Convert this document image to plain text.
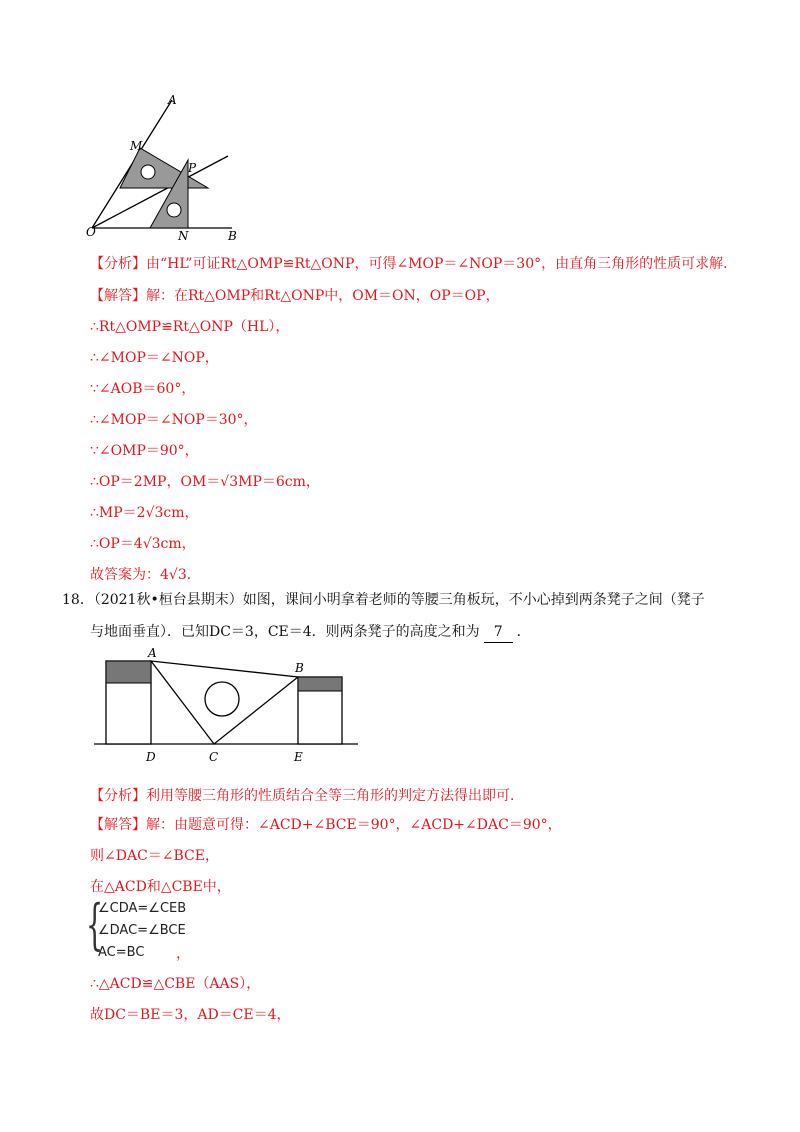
A
M
P
O	N	B
【分析】由“HL”可证Rt△OMP≌Rt△ONP，可得∠MOP＝∠NOP＝30°，由直角三角形的性质可求解．
【解答】解：在Rt△OMP和Rt△ONP中，OM＝ON，OP＝OP，
∴Rt△OMP≌Rt△ONP（HL），
∴∠MOP＝∠NOP，
∵∠AOB＝60°，
∴∠MOP＝∠NOP＝30°，
∵∠OMP＝90°，
∴OP＝2MP，OM＝√3MP＝6cm，
∴MP＝2√3cm，
∴OP＝4√3cm，
故答案为：4√3．
18．（2021秋•桓台县期末）如图，课间小明拿着老师的等腰三角板玩，不小心掉到两条凳子之间（凳子
与地面垂直）．已知DC＝3，CE＝4．则两条凳子的高度之和为 7 ．
A
B
D	C	E
【分析】利用等腰三角形的性质结合全等三角形的判定方法得出即可．
【解答】解：由题意可得：∠ACD+∠BCE＝90°，∠ACD+∠DAC＝90°，
则∠DAC＝∠BCE，
在△ACD和△CBE中，
{
∠CDA=∠CEB
∠DAC=∠BCE
AC=BC	，
∴△ACD≌△CBE（AAS），
故DC＝BE＝3，AD＝CE＝4，
